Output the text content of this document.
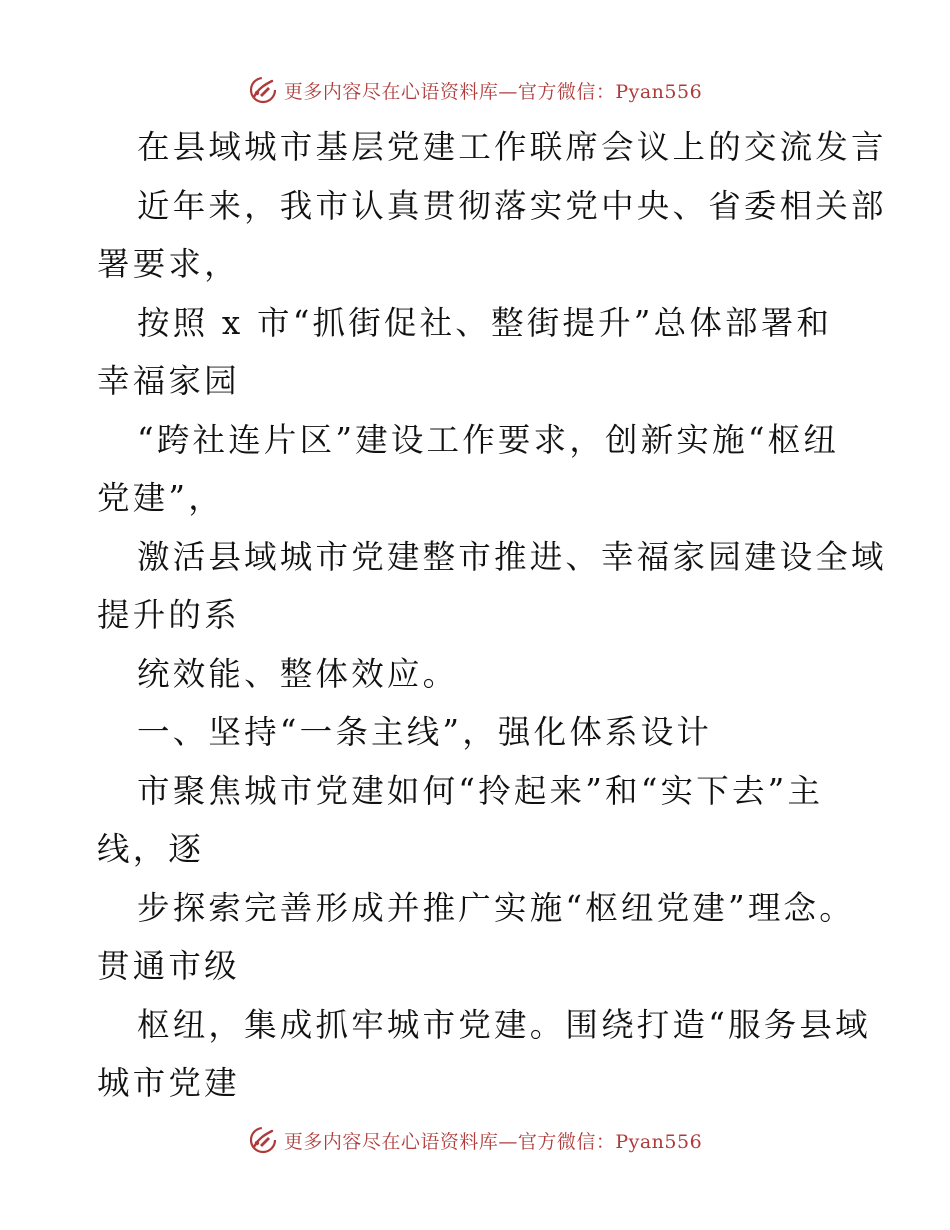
更多内容尽在心语资料库—官方微信：Pyan556

在县域城市基层党建工作联席会议上的交流发言

近年来，我市认真贯彻落实党中央、省委相关部
署要求，

按照 x 市“抓街促社、整街提升”总体部署和
幸福家园

“跨社连片区”建设工作要求，创新实施“枢纽
党建”，

激活县域城市党建整市推进、幸福家园建设全域
提升的系

统效能、整体效应。

一、坚持“一条主线”，强化体系设计

市聚焦城市党建如何“拎起来”和“实下去”主
线，逐

步探索完善形成并推广实施“枢纽党建”理念。
贯通市级

枢纽，集成抓牢城市党建。围绕打造“服务县域
城市党建

更多内容尽在心语资料库—官方微信：Pyan556
